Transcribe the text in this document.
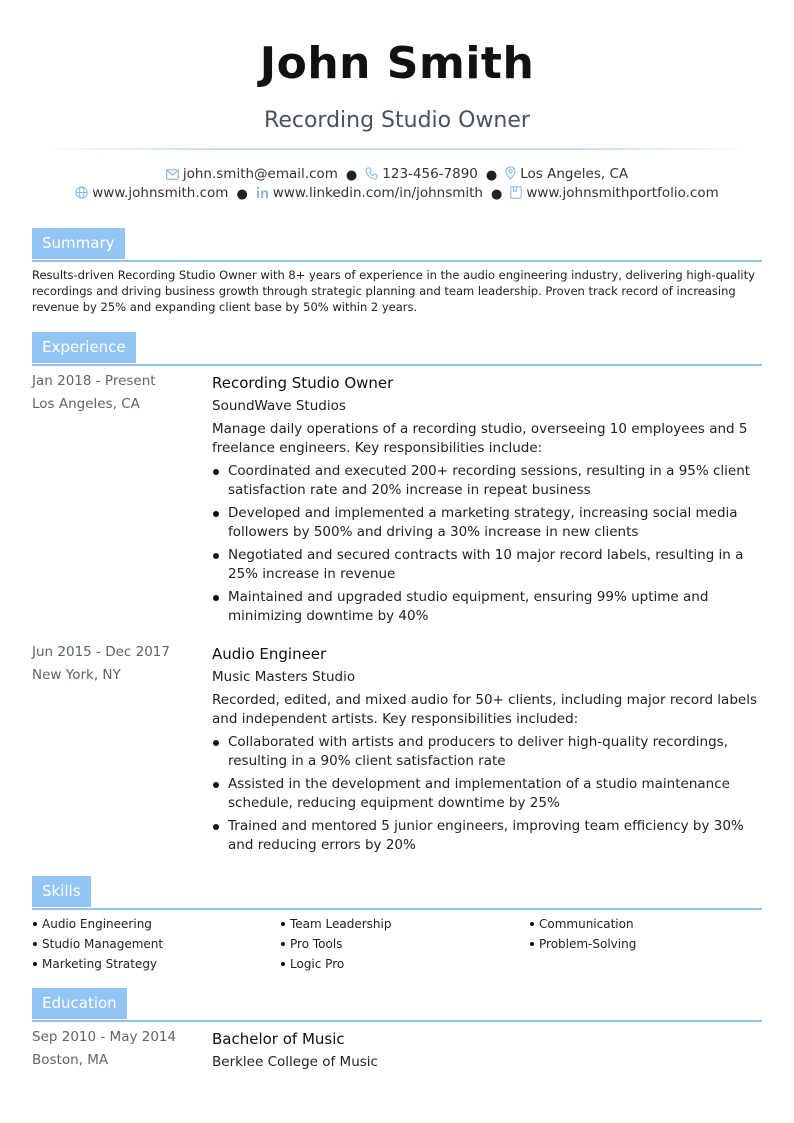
John Smith
Recording Studio Owner
john.smith@email.com ● 123-456-7890 ● Los Angeles, CA
www.johnsmith.com ● www.linkedin.com/in/johnsmith ● www.johnsmithportfolio.com
Summary

Results-driven Recording Studio Owner with 8+ years of experience in the audio engineering industry, delivering high-quality recordings and driving business growth through strategic planning and team leadership. Proven track record of increasing revenue by 25% and expanding client base by 50% within 2 years.

Experience
Jan 2018 - Present
Los Angeles, CA
Recording Studio Owner
SoundWave Studios
Manage daily operations of a recording studio, overseeing 10 employees and 5 freelance engineers. Key responsibilities include:
Coordinated and executed 200+ recording sessions, resulting in a 95% client satisfaction rate and 20% increase in repeat business
Developed and implemented a marketing strategy, increasing social media followers by 500% and driving a 30% increase in new clients
Negotiated and secured contracts with 10 major record labels, resulting in a 25% increase in revenue
Maintained and upgraded studio equipment, ensuring 99% uptime and minimizing downtime by 40%
Jun 2015 - Dec 2017
New York, NY
Audio Engineer
Music Masters Studio
Recorded, edited, and mixed audio for 50+ clients, including major record labels and independent artists. Key responsibilities included:
Collaborated with artists and producers to deliver high-quality recordings, resulting in a 90% client satisfaction rate
Assisted in the development and implementation of a studio maintenance schedule, reducing equipment downtime by 25%
Trained and mentored 5 junior engineers, improving team efficiency by 30% and reducing errors by 20%
Skills
Audio Engineering
Studio Management
Marketing Strategy
Team Leadership
Pro Tools
Logic Pro
Communication
Problem-Solving
Education
Sep 2010 - May 2014
Boston, MA
Bachelor of Music
Berklee College of Music
